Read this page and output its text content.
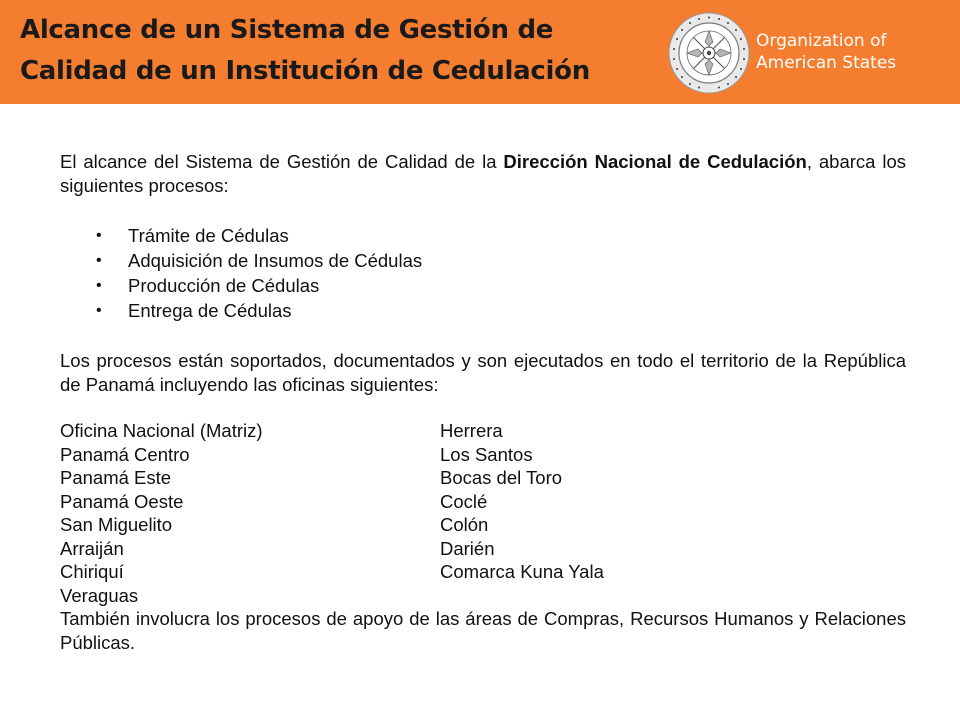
Alcance de un Sistema de Gestión de
Calidad de un Institución de Cedulación
Organization of
American States

El alcance del Sistema de Gestión de Calidad de la Dirección Nacional de Cedulación, abarca los siguientes procesos:

• Trámite de Cédulas
• Adquisición de Insumos de Cédulas
• Producción de Cédulas
• Entrega de Cédulas

Los procesos están soportados, documentados y son ejecutados en todo el territorio de la República de Panamá incluyendo las oficinas siguientes:

Oficina Nacional (Matriz)
Panamá Centro
Panamá Este
Panamá Oeste
San Miguelito
Arraiján
Chiriquí
Veraguas
Herrera
Los Santos
Bocas del Toro
Coclé
Colón
Darién
Comarca Kuna Yala

También involucra los procesos de apoyo de las áreas de Compras, Recursos Humanos y Relaciones Públicas.
